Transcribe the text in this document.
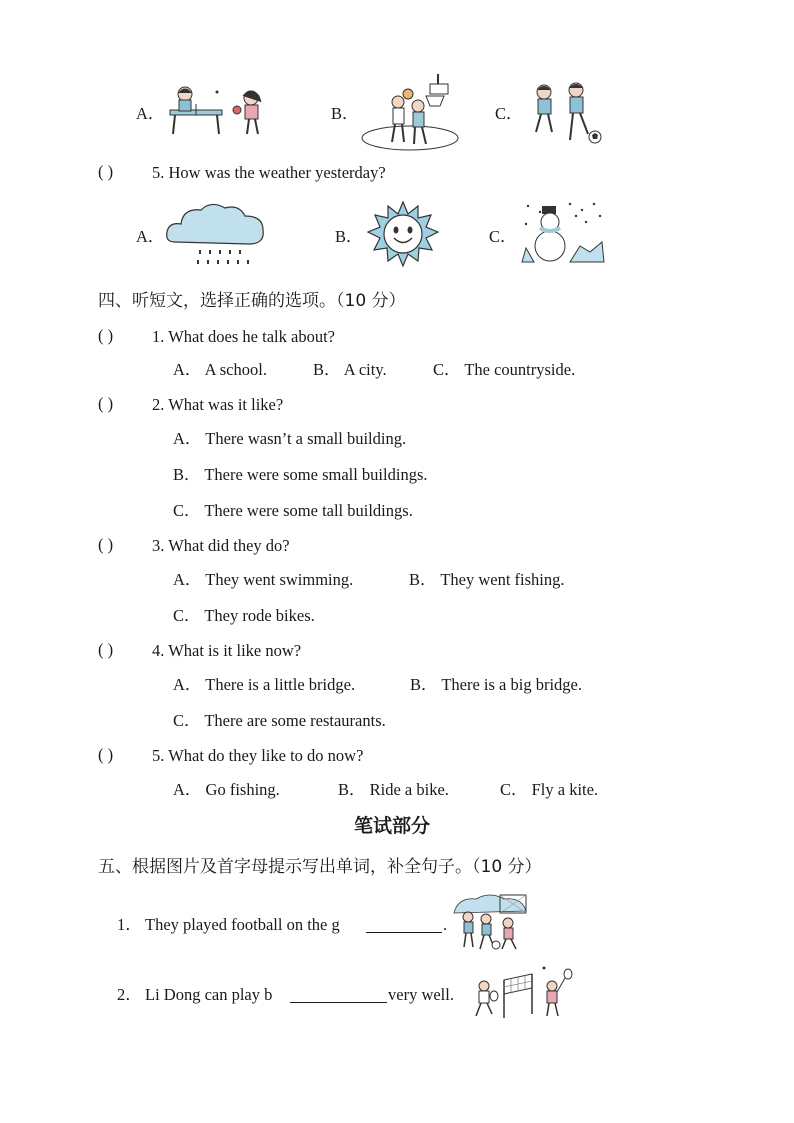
A．	B．	C．
( ) 5. How was the weather yesterday?
A．	B．	C．
四、听短文，选择正确的选项。（10 分）
( ) 1. What does he talk about?
A． A school.	B． A city.	C． The countryside.
( ) 2. What was it like?
A． There wasn’t a small building.
B． There were some small buildings.
C． There were some tall buildings.
( ) 3. What did they do?
A． They went swimming.	B． They went fishing.
C． They rode bikes.
( ) 4. What is it like now?
A． There is a little bridge.	B． There is a big bridge.
C． There are some restaurants.
( ) 5. What do they like to do now?
A． Go fishing.	B． Ride a bike.	C． Fly a kite.
笔试部分
五、根据图片及首字母提示写出单词，补全句子。（10 分）
1． They played football on the g	.
2． Li Dong can play b	very well.
